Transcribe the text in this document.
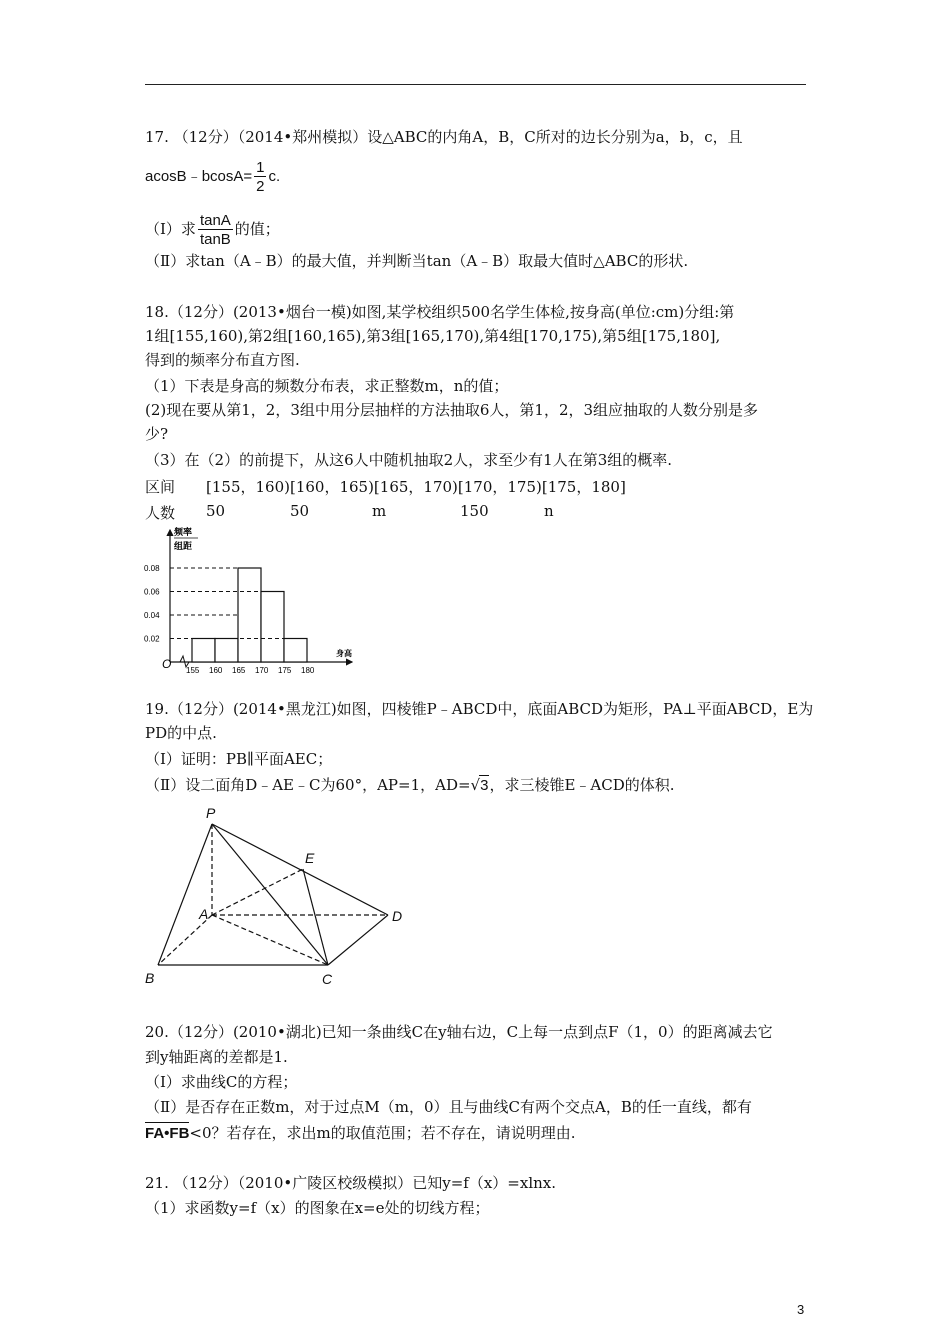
17. （12分）（2014•郑州模拟）设△ABC的内角A，B，C所对的边长分别为a，b，c，且
acosB﹣bcosA= $\frac{1}{2} c$.
（Ⅰ）求 $\frac{\tan A}{\tan B}$ 的值；
（Ⅱ）求tan（A﹣B）的最大值，并判断当tan（A﹣B）取最大值时△ABC的形状.
18.（12分）(2013•烟台一模)如图,某学校组织500名学生体检,按身高(单位:cm)分组:第
1组[155,160),第2组[160,165),第3组[165,170),第4组[170,175),第5组[175,180],
得到的频率分布直方图.
（1）下表是身高的频数分布表，求正整数m，n的值；
(2)现在要从第1，2，3组中用分层抽样的方法抽取6人，第1，2，3组应抽取的人数分别是多
少?
（3）在（2）的前提下，从这6人中随机抽取2人，求至少有1人在第3组的概率.
区间 [155，160)[160，165)[165，170)[170，175)[175，180]
人数 50	50	m	150	n
频率
组距
身高
O
0.08
0.06
0.04
0.02
155 160 165 170 175 180
19.（12分）(2014•黑龙江)如图，四棱锥P﹣ABCD中，底面ABCD为矩形，PA⊥平面ABCD，E为
PD的中点.
（Ⅰ）证明：PB∥平面AEC；
（Ⅱ）设二面角D﹣AE﹣C为60°，AP=1，AD=√3，求三棱锥E﹣ACD的体积.
P
E
A	D
B	C
20.（12分）(2010•湖北)已知一条曲线C在y轴右边，C上每一点到点F（1，0）的距离减去它
到y轴距离的差都是1.
（Ⅰ）求曲线C的方程；
（Ⅱ）是否存在正数m，对于过点M（m，0）且与曲线C有两个交点A，B的任一直线，都有
FA•FB<0？若存在，求出m的取值范围；若不存在，请说明理由.
21. （12分）（2010•广陵区校级模拟）已知y=f（x）=xlnx.
（1）求函数y=f（x）的图象在x=e处的切线方程；
3
